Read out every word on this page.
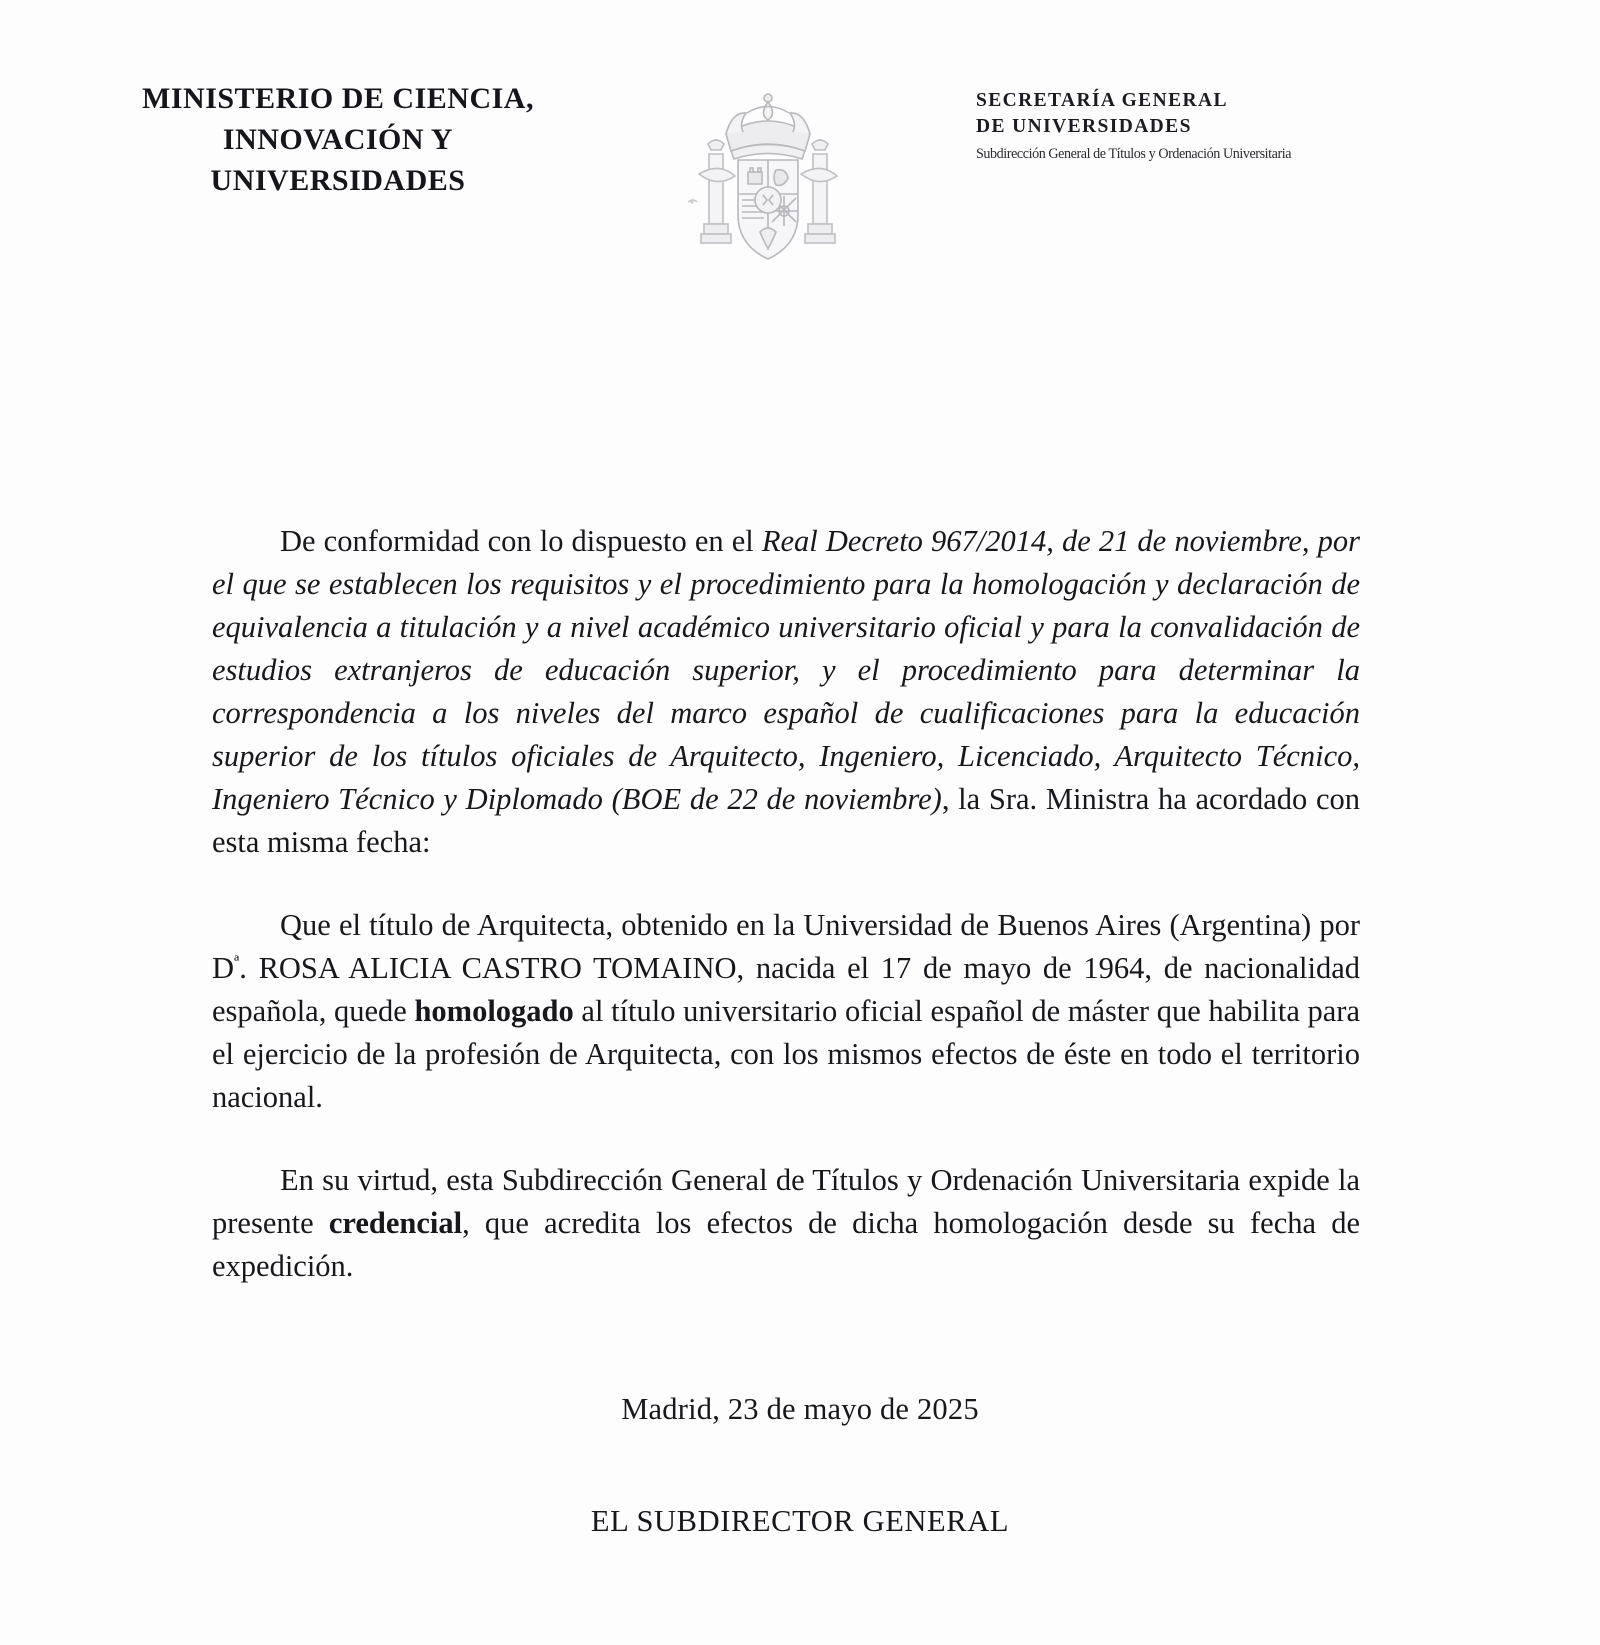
MINISTERIO DE CIENCIA,
INNOVACIÓN Y
UNIVERSIDADES
SECRETARÍA GENERAL
DE UNIVERSIDADES
Subdirección General de Títulos y Ordenación Universitaria

De conformidad con lo dispuesto en el Real Decreto 967/2014, de 21 de noviembre, por el que se establecen los requisitos y el procedimiento para la homologación y declaración de equivalencia a titulación y a nivel académico universitario oficial y para la convalidación de estudios extranjeros de educación superior, y el procedimiento para determinar la correspondencia a los niveles del marco español de cualificaciones para la educación superior de los títulos oficiales de Arquitecto, Ingeniero, Licenciado, Arquitecto Técnico, Ingeniero Técnico y Diplomado (BOE de 22 de noviembre), la Sra. Ministra ha acordado con esta misma fecha:

Que el título de Arquitecta, obtenido en la Universidad de Buenos Aires (Argentina) por $D^ª$. ROSA ALICIA CASTRO TOMAINO, nacida el 17 de mayo de 1964, de nacionalidad española, quede homologado al título universitario oficial español de máster que habilita para el ejercicio de la profesión de Arquitecta, con los mismos efectos de éste en todo el territorio nacional.

En su virtud, esta Subdirección General de Títulos y Ordenación Universitaria expide la presente credencial, que acredita los efectos de dicha homologación desde su fecha de expedición.

Madrid, 23 de mayo de 2025
EL SUBDIRECTOR GENERAL
